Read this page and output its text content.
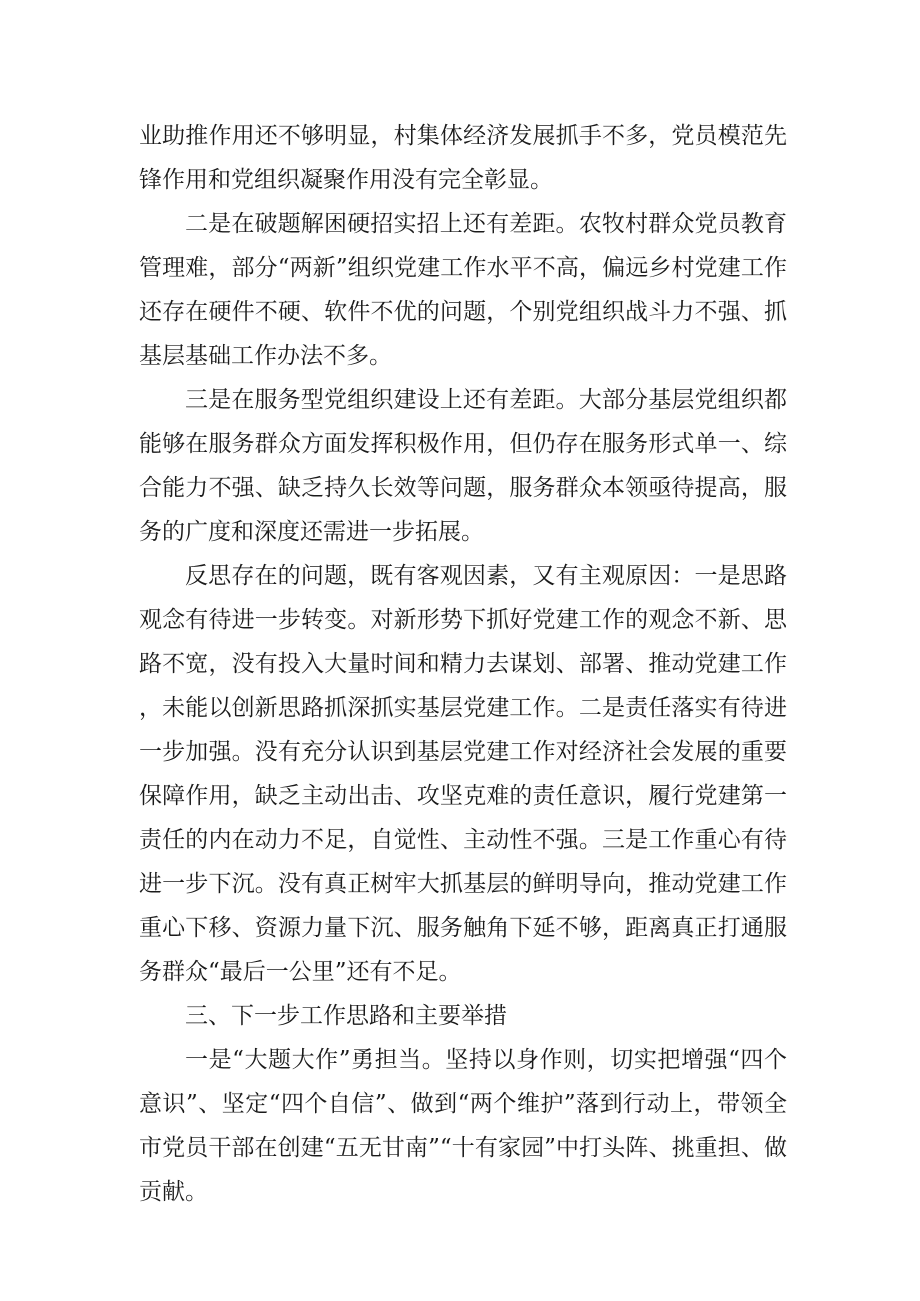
业助推作用还不够明显，村集体经济发展抓手不多，党员模范先锋作用和党组织凝聚作用没有完全彰显。

二是在破题解困硬招实招上还有差距。农牧村群众党员教育管理难，部分“两新”组织党建工作水平不高，偏远乡村党建工作还存在硬件不硬、软件不优的问题，个别党组织战斗力不强、抓基层基础工作办法不多。

三是在服务型党组织建设上还有差距。大部分基层党组织都能够在服务群众方面发挥积极作用，但仍存在服务形式单一、综合能力不强、缺乏持久长效等问题，服务群众本领亟待提高，服务的广度和深度还需进一步拓展。

反思存在的问题，既有客观因素，又有主观原因：一是思路观念有待进一步转变。对新形势下抓好党建工作的观念不新、思路不宽，没有投入大量时间和精力去谋划、部署、推动党建工作，未能以创新思路抓深抓实基层党建工作。二是责任落实有待进一步加强。没有充分认识到基层党建工作对经济社会发展的重要保障作用，缺乏主动出击、攻坚克难的责任意识，履行党建第一责任的内在动力不足，自觉性、主动性不强。三是工作重心有待进一步下沉。没有真正树牢大抓基层的鲜明导向，推动党建工作重心下移、资源力量下沉、服务触角下延不够，距离真正打通服务群众“最后一公里”还有不足。

三、下一步工作思路和主要举措

一是“大题大作”勇担当。坚持以身作则，切实把增强“四个意识”、坚定“四个自信”、做到“两个维护”落到行动上，带领全市党员干部在创建“五无甘南”“十有家园”中打头阵、挑重担、做贡献。
